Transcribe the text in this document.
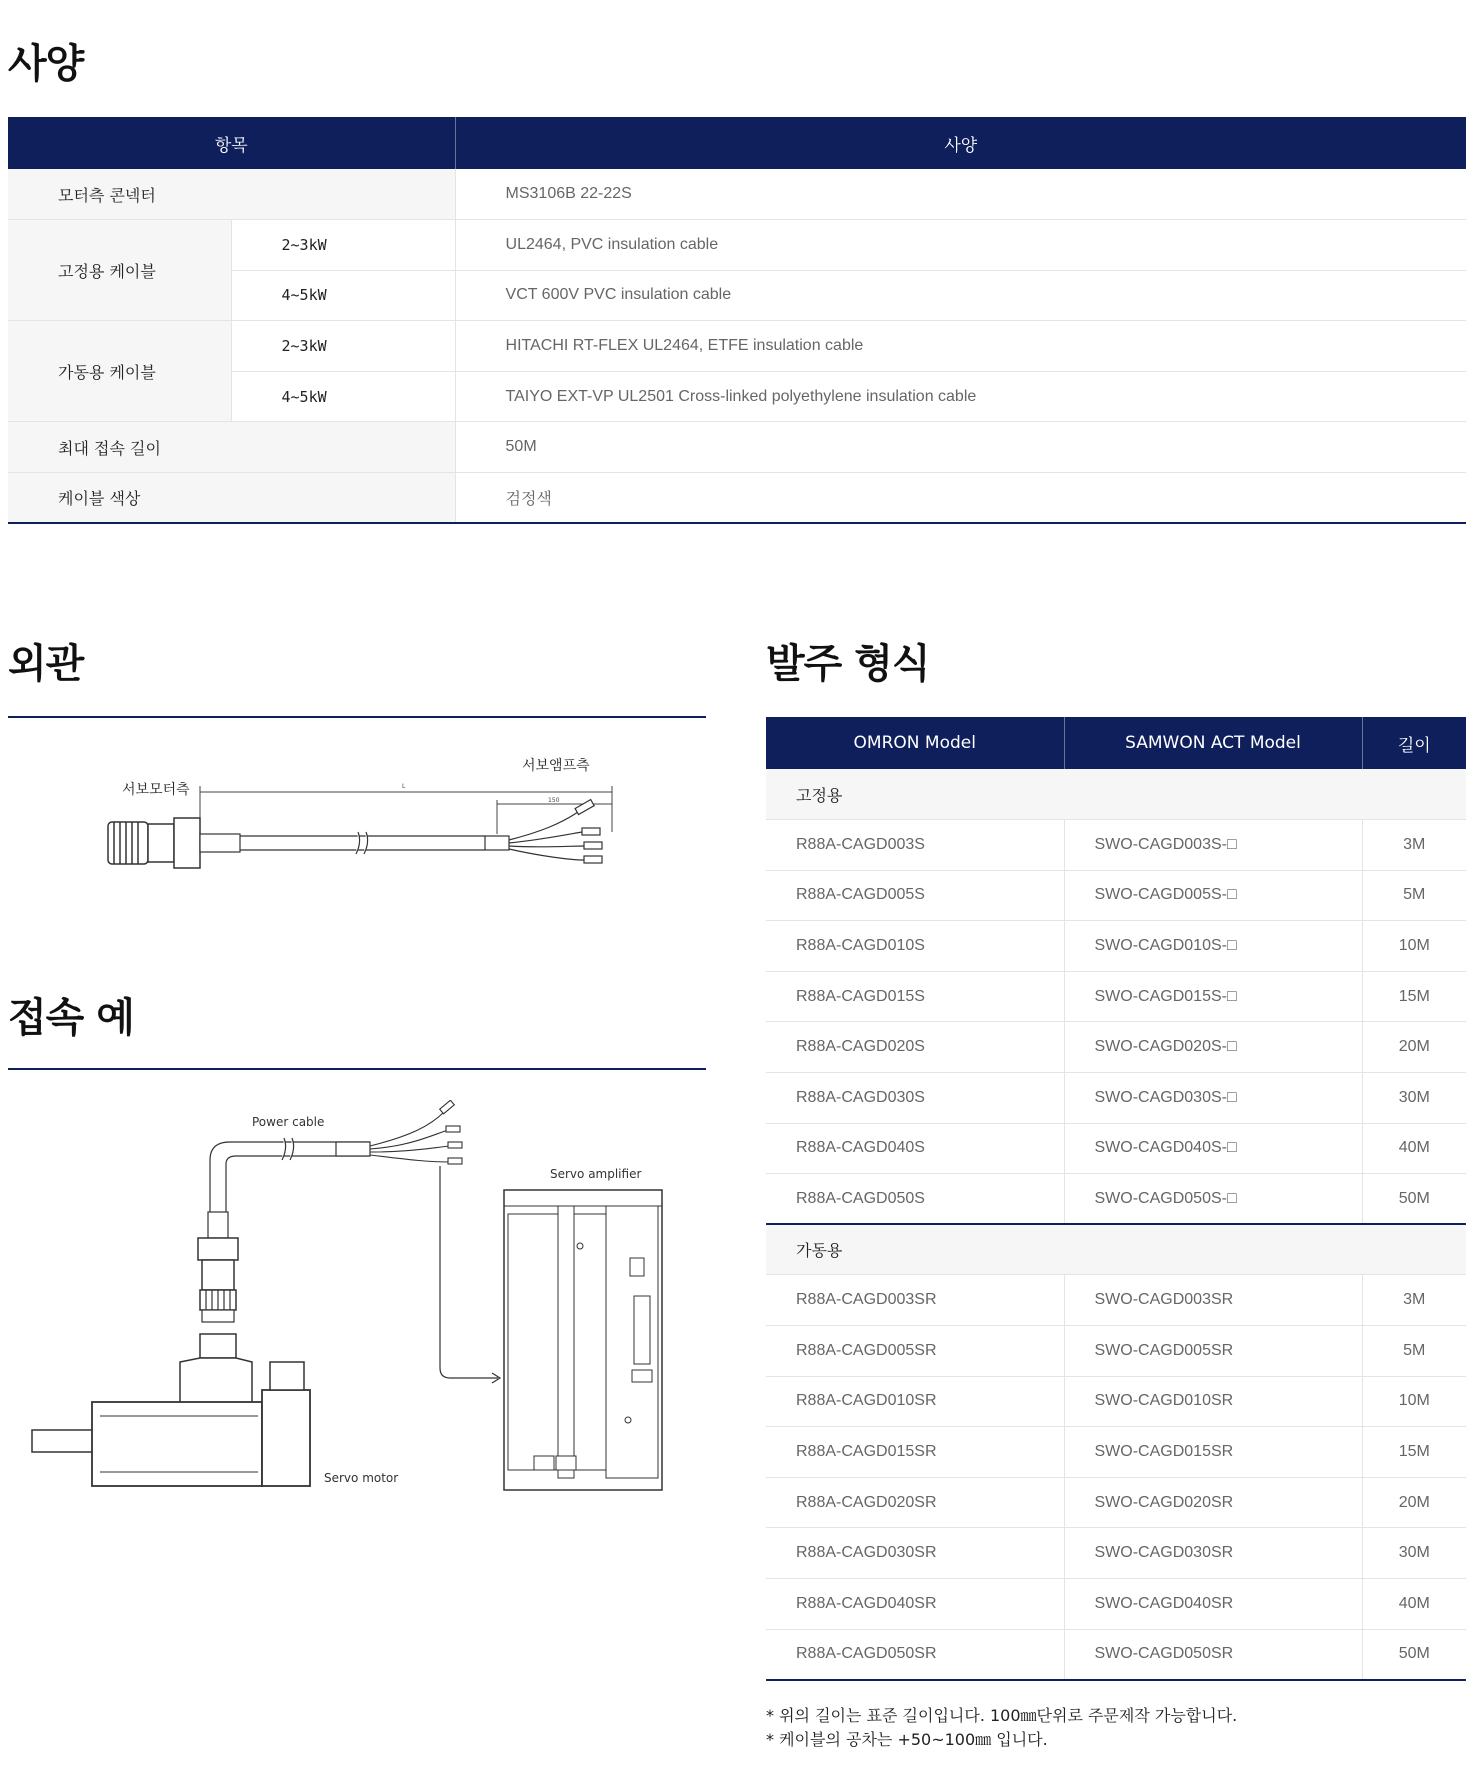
사양
항목		사양
모터측 콘넥터		MS3106B 22-22S
고정용 케이블	2~3kW	UL2464, PVC insulation cable
	4~5kW	VCT 600V PVC insulation cable
가동용 케이블	2~3kW	HITACHI RT-FLEX UL2464, ETFE insulation cable
	4~5kW	TAIYO EXT-VP UL2501 Cross-linked polyethylene insulation cable
최대 접속 길이		50M
케이블 색상		검정색
외관
서보모터측
서보앰프측
L
150
접속 예
Power cable
Servo amplifier
Servo motor
발주 형식
OMRON Model	SAMWON ACT Model	길이
고정용		
R88A-CAGD003S	SWO-CAGD003S-□	3M
R88A-CAGD005S	SWO-CAGD005S-□	5M
R88A-CAGD010S	SWO-CAGD010S-□	10M
R88A-CAGD015S	SWO-CAGD015S-□	15M
R88A-CAGD020S	SWO-CAGD020S-□	20M
R88A-CAGD030S	SWO-CAGD030S-□	30M
R88A-CAGD040S	SWO-CAGD040S-□	40M
R88A-CAGD050S	SWO-CAGD050S-□	50M
가동용		
R88A-CAGD003SR	SWO-CAGD003SR	3M
R88A-CAGD005SR	SWO-CAGD005SR	5M
R88A-CAGD010SR	SWO-CAGD010SR	10M
R88A-CAGD015SR	SWO-CAGD015SR	15M
R88A-CAGD020SR	SWO-CAGD020SR	20M
R88A-CAGD030SR	SWO-CAGD030SR	30M
R88A-CAGD040SR	SWO-CAGD040SR	40M
R88A-CAGD050SR	SWO-CAGD050SR	50M
* 위의 길이는 표준 길이입니다. 100㎜단위로 주문제작 가능합니다.
* 케이블의 공차는 +50~100㎜ 입니다.
